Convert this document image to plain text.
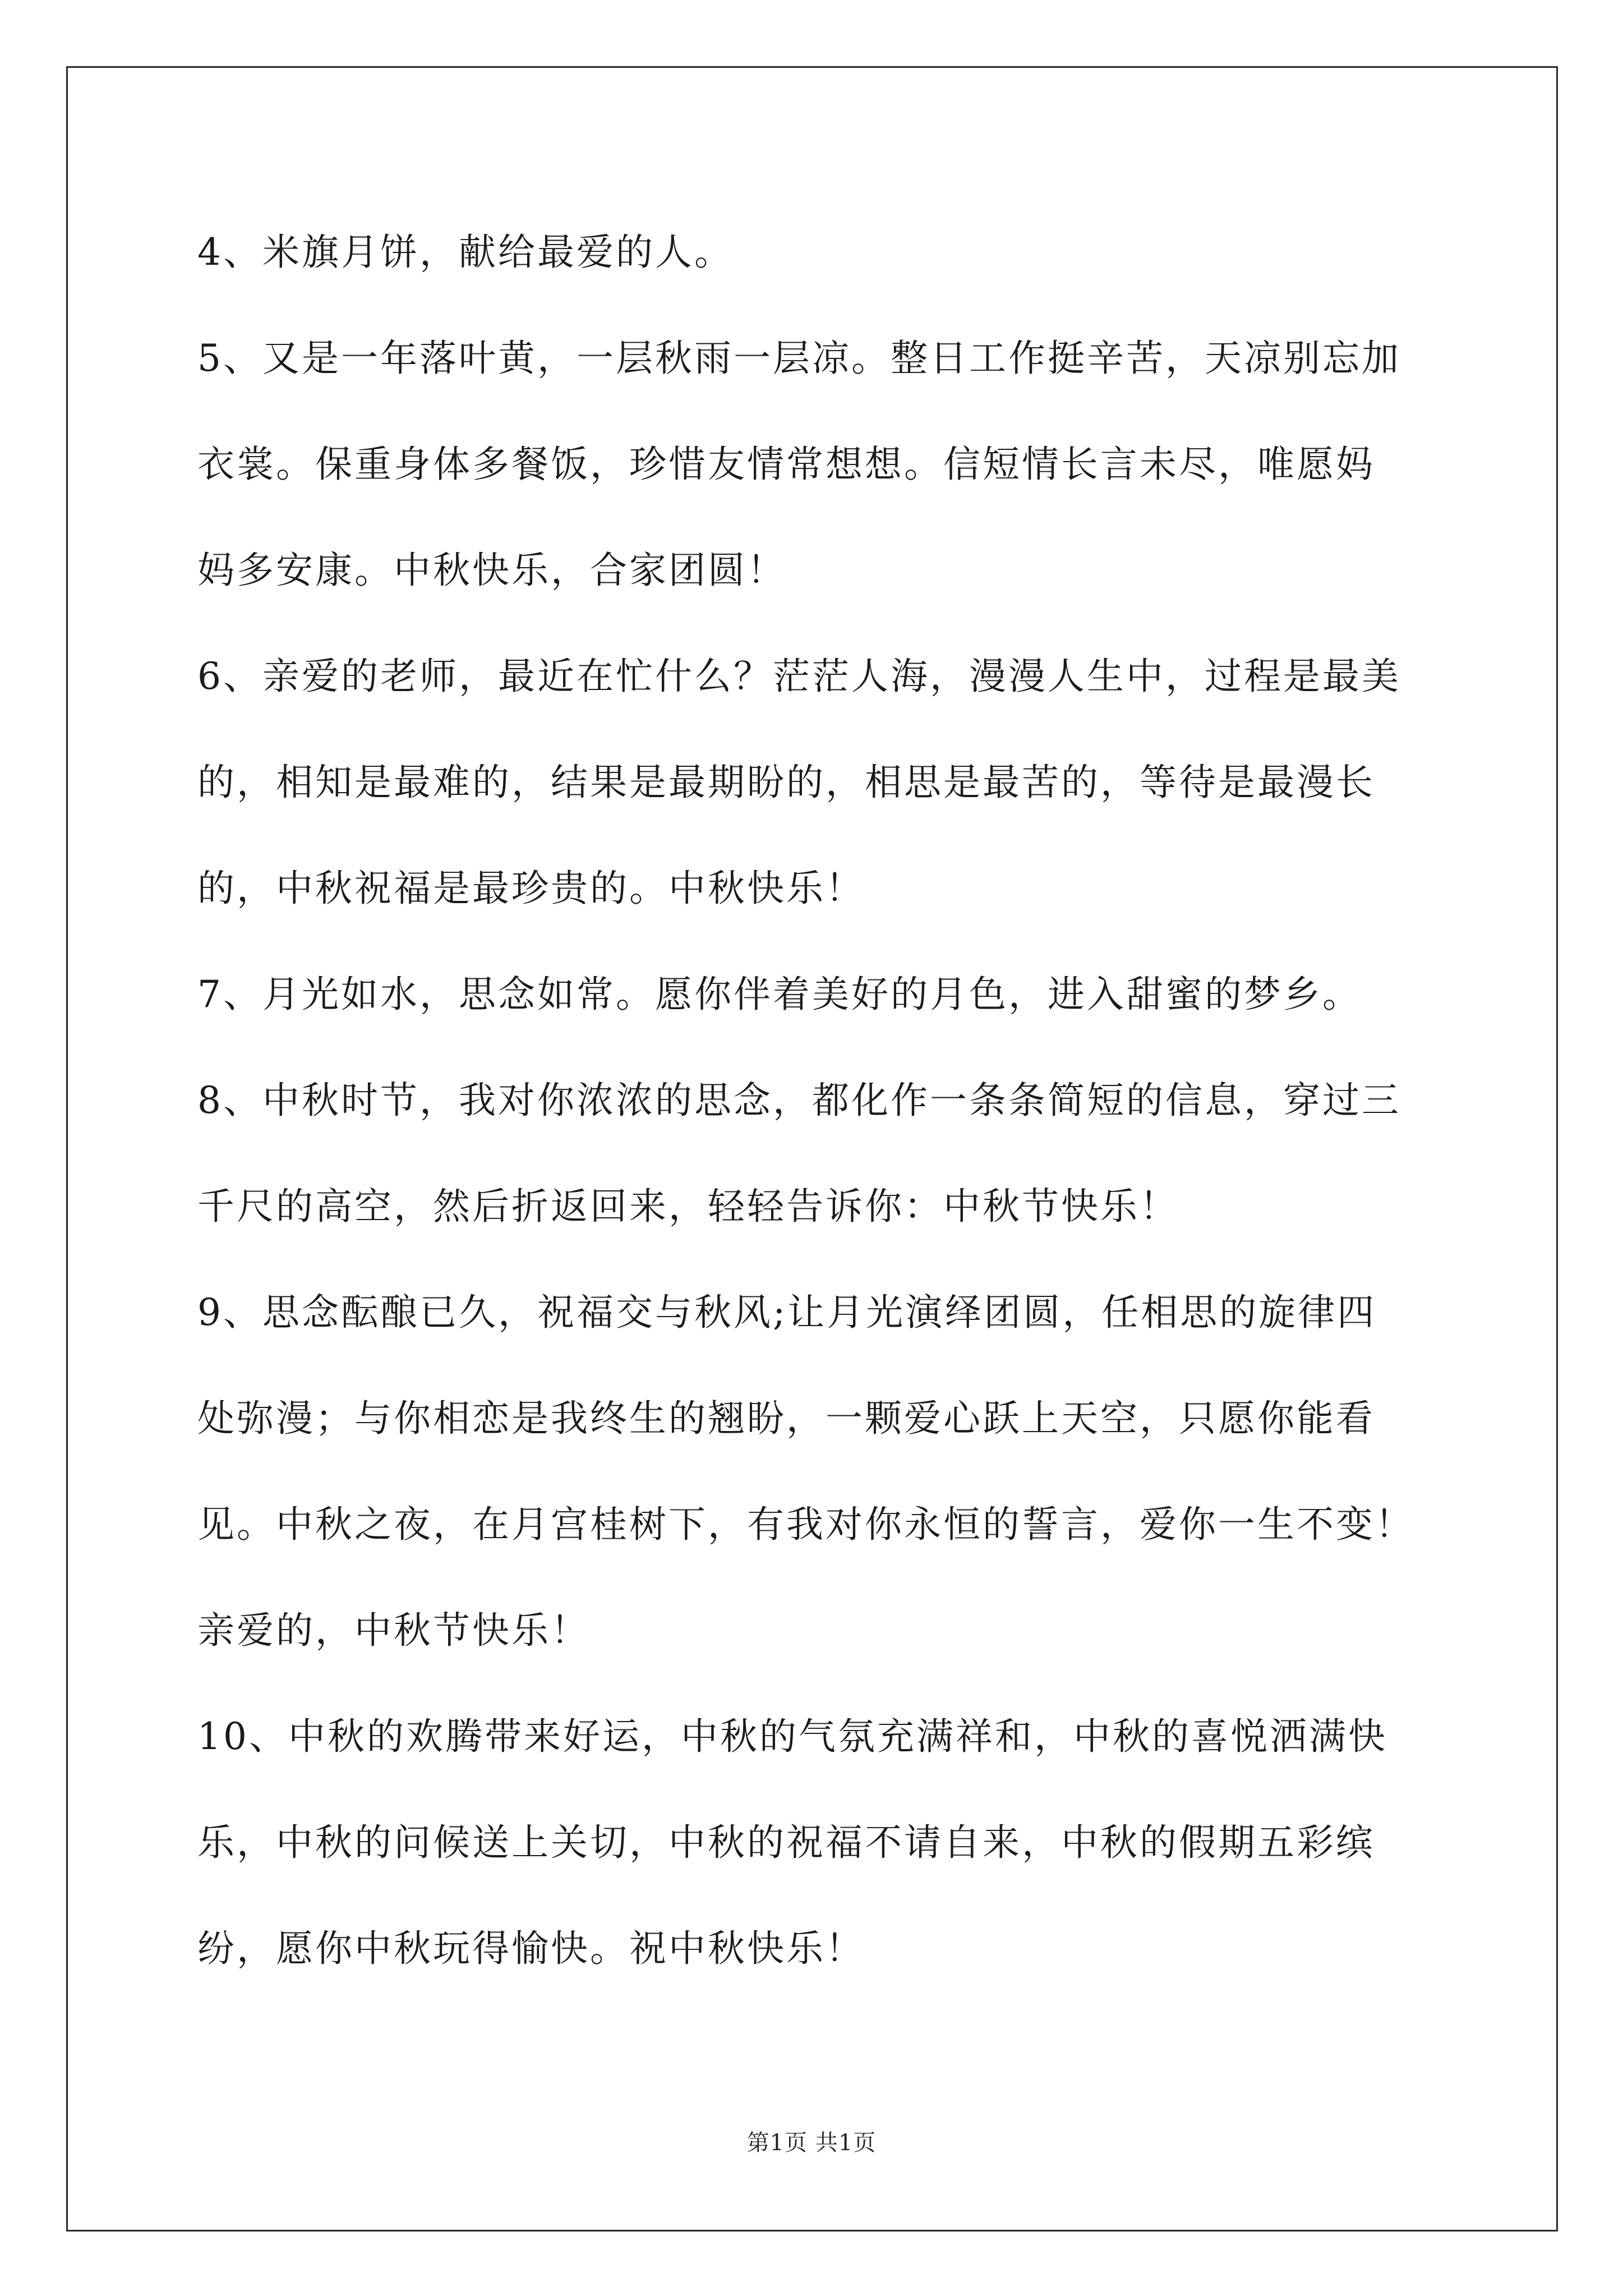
4、米旗月饼，献给最爱的人。
5、又是一年落叶黄，一层秋雨一层凉。整日工作挺辛苦，天凉别忘加
衣裳。保重身体多餐饭，珍惜友情常想想。信短情长言未尽，唯愿妈
妈多安康。中秋快乐，合家团圆！
6、亲爱的老师，最近在忙什么？茫茫人海，漫漫人生中，过程是最美
的，相知是最难的，结果是最期盼的，相思是最苦的，等待是最漫长
的，中秋祝福是最珍贵的。中秋快乐！
7、月光如水，思念如常。愿你伴着美好的月色，进入甜蜜的梦乡。
8、中秋时节，我对你浓浓的思念，都化作一条条简短的信息，穿过三
千尺的高空，然后折返回来，轻轻告诉你：中秋节快乐！
9、思念酝酿已久，祝福交与秋风;让月光演绎团圆，任相思的旋律四
处弥漫；与你相恋是我终生的翘盼，一颗爱心跃上天空，只愿你能看
见。中秋之夜，在月宫桂树下，有我对你永恒的誓言，爱你一生不变！
亲爱的，中秋节快乐！
10、中秋的欢腾带来好运，中秋的气氛充满祥和，中秋的喜悦洒满快
乐，中秋的问候送上关切，中秋的祝福不请自来，中秋的假期五彩缤
纷，愿你中秋玩得愉快。祝中秋快乐！
第1页 共1页
